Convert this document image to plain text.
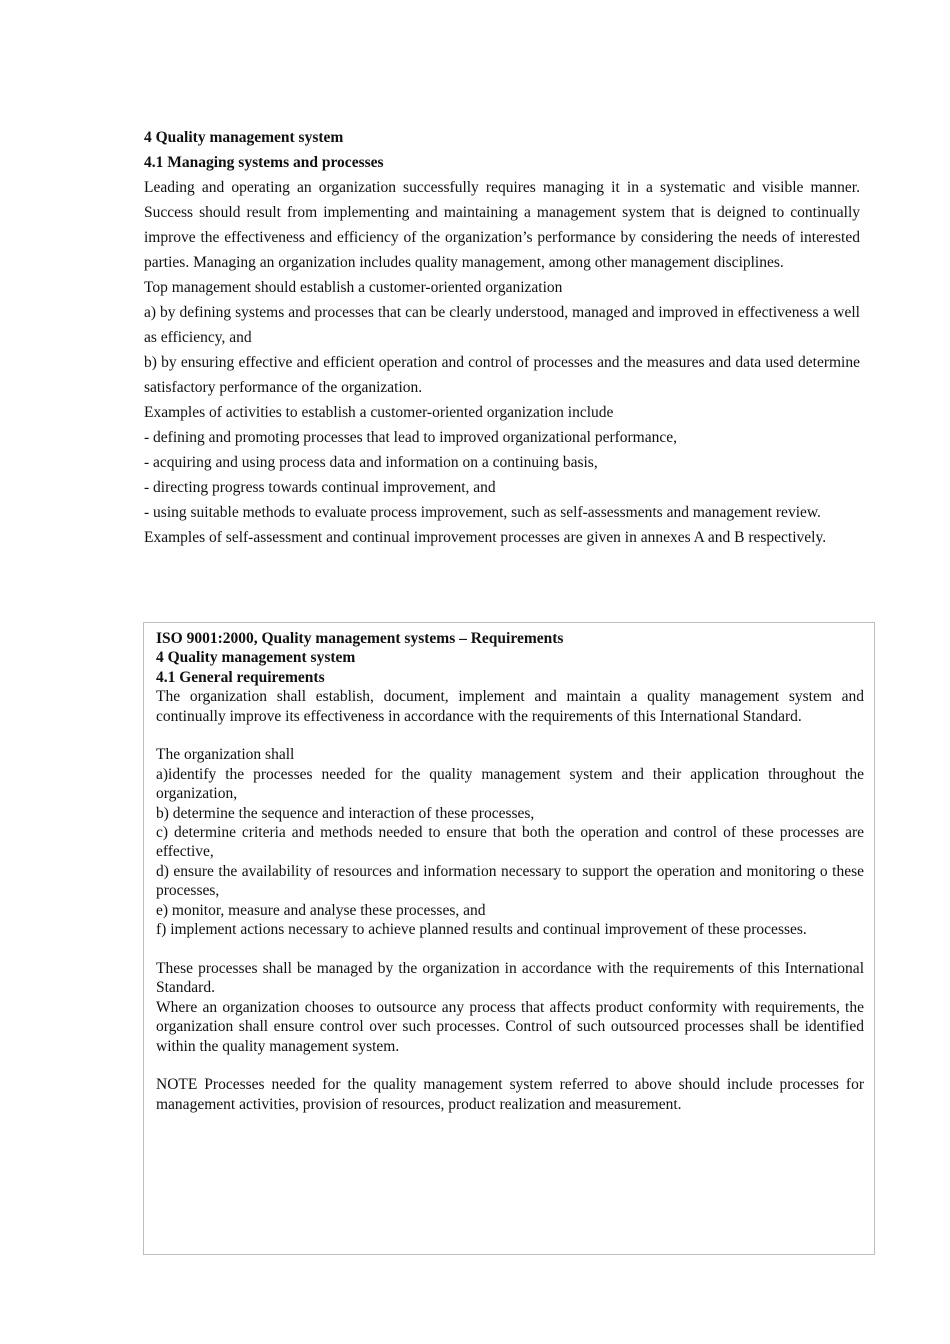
4 Quality management system

4.1 Managing systems and processes

Leading and operating an organization successfully requires managing it in a systematic and visible manner. Success should result from implementing and maintaining a management system that is deigned to continually improve the effectiveness and efficiency of the organization’s performance by considering the needs of interested parties. Managing an organization includes quality management, among other management disciplines.

Top management should establish a customer-oriented organization

a) by defining systems and processes that can be clearly understood, managed and improved in effectiveness a well as efficiency, and

b) by ensuring effective and efficient operation and control of processes and the measures and data used determine satisfactory performance of the organization.

Examples of activities to establish a customer-oriented organization include

- defining and promoting processes that lead to improved organizational performance,

- acquiring and using process data and information on a continuing basis,

- directing progress towards continual improvement, and

- using suitable methods to evaluate process improvement, such as self-assessments and management review.

Examples of self-assessment and continual improvement processes are given in annexes A and B respectively.

ISO 9001:2000, Quality management systems – Requirements

4 Quality management system

4.1 General requirements

The organization shall establish, document, implement and maintain a quality management system and continually improve its effectiveness in accordance with the requirements of this International Standard.

The organization shall

a)identify the processes needed for the quality management system and their application throughout the organization,

b) determine the sequence and interaction of these processes,

c) determine criteria and methods needed to ensure that both the operation and control of these processes are effective,

d) ensure the availability of resources and information necessary to support the operation and monitoring o these processes,

e) monitor, measure and analyse these processes, and

f) implement actions necessary to achieve planned results and continual improvement of these processes.

These processes shall be managed by the organization in accordance with the requirements of this International Standard.

Where an organization chooses to outsource any process that affects product conformity with requirements, the organization shall ensure control over such processes. Control of such outsourced processes shall be identified within the quality management system.

NOTE Processes needed for the quality management system referred to above should include processes for management activities, provision of resources, product realization and measurement.
